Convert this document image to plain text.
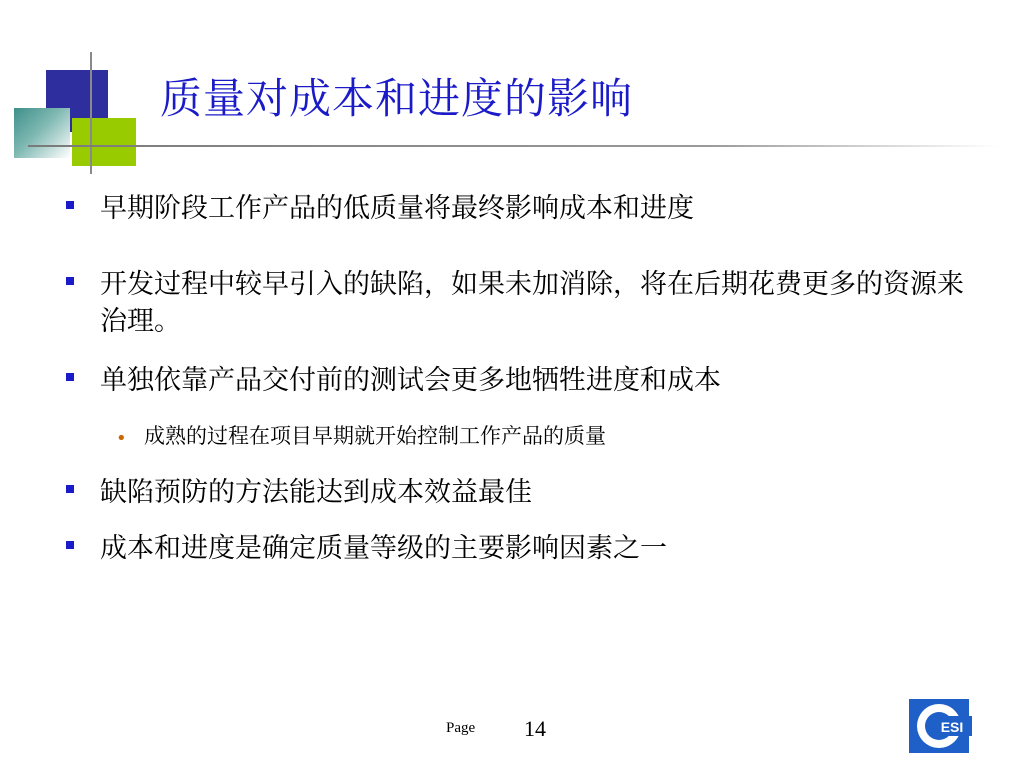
质量对成本和进度的影响
早期阶段工作产品的低质量将最终影响成本和进度
开发过程中较早引入的缺陷，如果未加消除，将在后期花费更多的资源来治理。
单独依靠产品交付前的测试会更多地牺牲进度和成本
• 成熟的过程在项目早期就开始控制工作产品的质量
缺陷预防的方法能达到成本效益最佳
成本和进度是确定质量等级的主要影响因素之一
Page 14	ESI
